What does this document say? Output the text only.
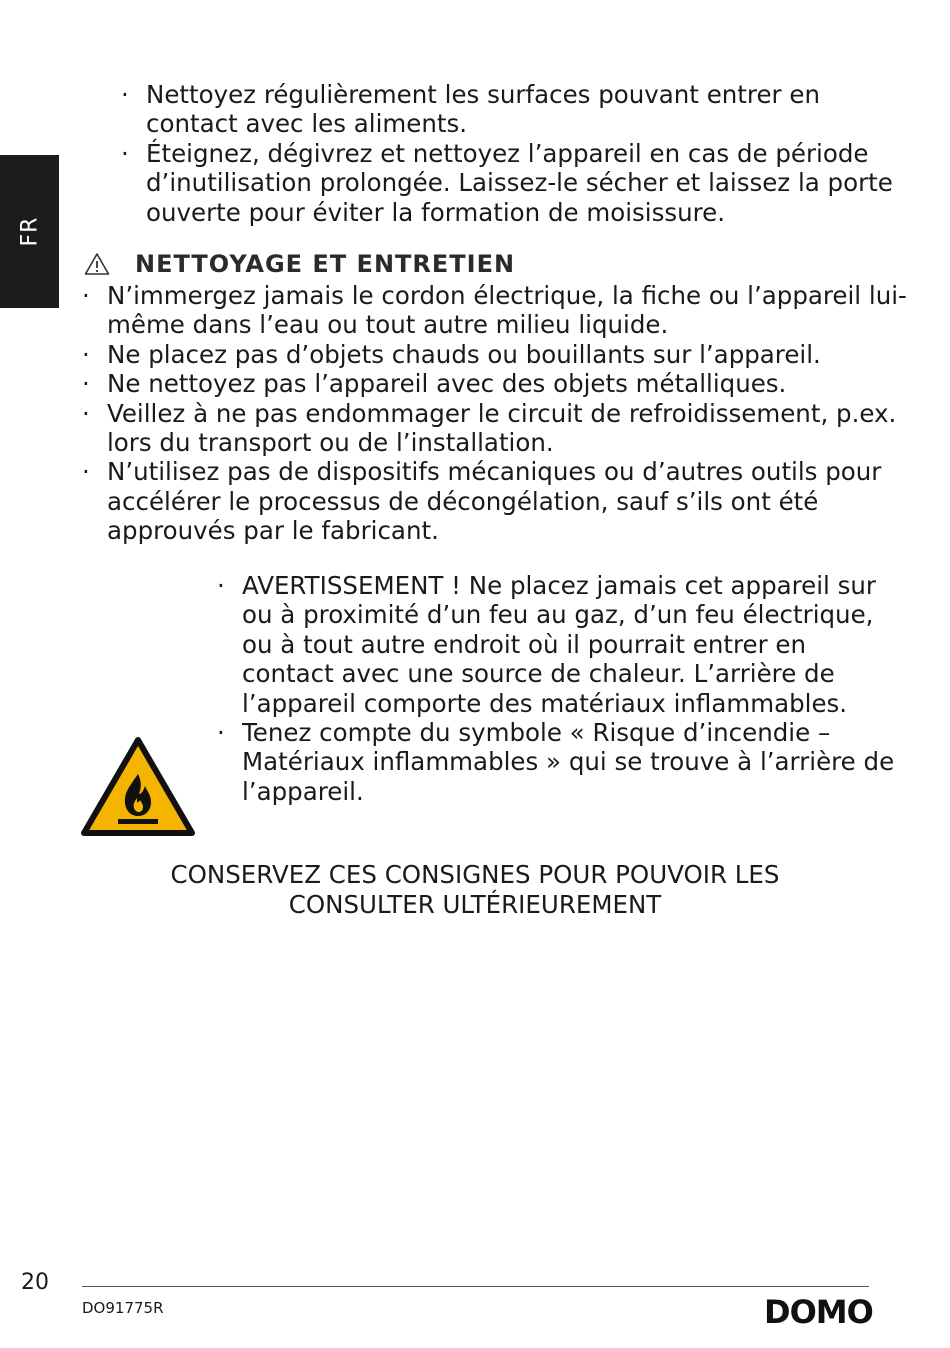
FR
· Nettoyez régulièrement les surfaces pouvant entrer en contact avec les aliments.
· Éteignez, dégivrez et nettoyez l’appareil en cas de période d’inutilisation prolongée. Laissez-le sécher et laissez la porte ouverte pour éviter la formation de moisissure.
NETTOYAGE ET ENTRETIEN
· N’immergez jamais le cordon électrique, la fiche ou l’appareil lui-même dans l’eau ou tout autre milieu liquide.
· Ne placez pas d’objets chauds ou bouillants sur l’appareil.
· Ne nettoyez pas l’appareil avec des objets métalliques.
· Veillez à ne pas endommager le circuit de refroidissement, p.ex. lors du transport ou de l’installation.
· N’utilisez pas de dispositifs mécaniques ou d’autres outils pour accélérer le processus de décongélation, sauf s’ils ont été approuvés par le fabricant.
· AVERTISSEMENT ! Ne placez jamais cet appareil sur ou à proximité d’un feu au gaz, d’un feu électrique, ou à tout autre endroit où il pourrait entrer en contact avec une source de chaleur. L’arrière de l’appareil comporte des matériaux inflammables.
· Tenez compte du symbole « Risque d’incendie – Matériaux inflammables » qui se trouve à l’arrière de l’appareil.
CONSERVEZ CES CONSIGNES POUR POUVOIR LES
CONSULTER ULTÉRIEUREMENT
20
DO91775R	DOMO
